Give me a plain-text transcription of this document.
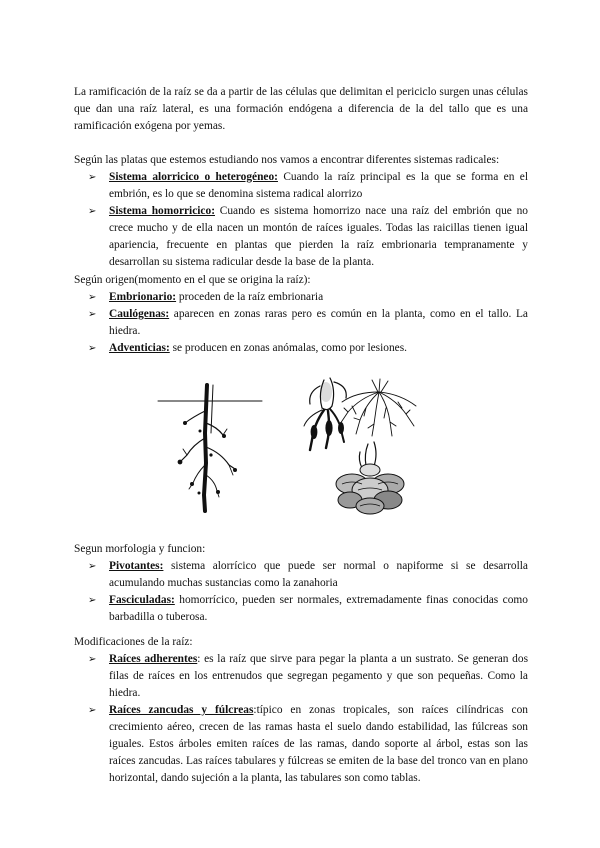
La ramificación de la raíz se da a partir de las células que delimitan el periciclo surgen unas células que dan una raíz lateral, es una formación endógena a diferencia de la del tallo que es una ramificación exógena por yemas.

Según las platas que estemos estudiando nos vamos a encontrar diferentes sistemas radicales:

➢ Sistema alorricico o heterogéneo: Cuando la raíz principal es la que se forma en el embrión, es lo que se denomina sistema radical alorrizo
➢ Sistema homorricico: Cuando es sistema homorrizo nace una raíz del embrión que no crece mucho y de ella nacen un montón de raíces iguales. Todas las raicillas tienen igual apariencia, frecuente en plantas que pierden la raíz embrionaria tempranamente y desarrollan su sistema radicular desde la base de la planta.

Según origen(momento en el que se origina la raíz):

➢ Embrionario: proceden de la raíz embrionaria
➢ Caulógenas: aparecen en zonas raras pero es común en la planta, como en el tallo. La hiedra.
➢ Adventicias: se producen en zonas anómalas, como por lesiones.

Segun morfologia y funcion:

➢ Pivotantes: sistema alorrícico que puede ser normal o napiforme si se desarrolla acumulando muchas sustancias como la zanahoria
➢ Fasciculadas: homorrícico, pueden ser normales, extremadamente finas conocidas como barbadilla o tuberosa.

Modificaciones de la raíz:

➢ Raíces adherentes: es la raíz que sirve para pegar la planta a un sustrato. Se generan dos filas de raíces en los entrenudos que segregan pegamento y que son pequeñas. Como la hiedra.
➢ Raíces zancudas y fúlcreas:típico en zonas tropicales, son raíces cilíndricas con crecimiento aéreo, crecen de las ramas hasta el suelo dando estabilidad, las fúlcreas son iguales. Estos árboles emiten raíces de las ramas, dando soporte al árbol, estas son las raíces zancudas. Las raíces tabulares y fúlcreas se emiten de la base del tronco van en plano horizontal, dando sujeción a la planta, las tabulares son como tablas.
